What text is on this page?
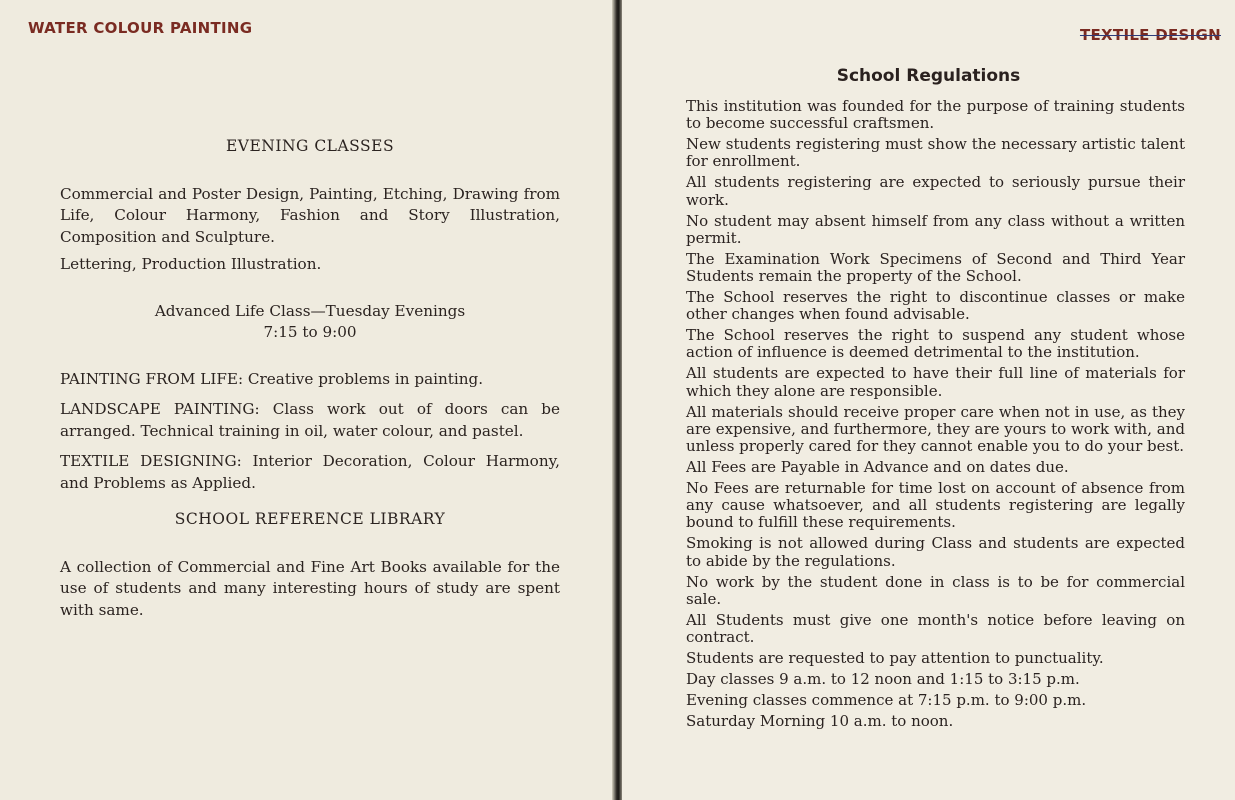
WATER COLOUR PAINTING

EVENING CLASSES

Commercial and Poster Design, Painting, Etching, Drawing from Life, Colour Harmony, Fashion and Story Illustration, Composition and Sculpture.

Lettering, Production Illustration.

Advanced Life Class—Tuesday Evenings

7:15 to 9:00

PAINTING FROM LIFE: Creative problems in painting.

LANDSCAPE PAINTING: Class work out of doors can be arranged. Technical training in oil, water colour, and pastel.

TEXTILE DESIGNING: Interior Decoration, Colour Harmony, and Problems as Applied.

SCHOOL REFERENCE LIBRARY

A collection of Commercial and Fine Art Books available for the use of students and many interesting hours of study are spent with same.

TEXTILE DESIGN
School Regulations

This institution was founded for the purpose of training students to become successful craftsmen.

New students registering must show the necessary artistic talent for enrollment.

All students registering are expected to seriously pursue their work.

No student may absent himself from any class without a written permit.

The Examination Work Specimens of Second and Third Year Students remain the property of the School.

The School reserves the right to discontinue classes or make other changes when found advisable.

The School reserves the right to suspend any student whose action of influence is deemed detrimental to the institution.

All students are expected to have their full line of materials for which they alone are responsible.

All materials should receive proper care when not in use, as they are expensive, and furthermore, they are yours to work with, and unless properly cared for they cannot enable you to do your best.

All Fees are Payable in Advance and on dates due.

No Fees are returnable for time lost on account of absence from any cause whatsoever, and all students registering are legally bound to fulfill these requirements.

Smoking is not allowed during Class and students are expected to abide by the regulations.

No work by the student done in class is to be for commercial sale.

All Students must give one month's notice before leaving on contract.

Students are requested to pay attention to punctuality.

Day classes 9 a.m. to 12 noon and 1:15 to 3:15 p.m.

Evening classes commence at 7:15 p.m. to 9:00 p.m.

Saturday Morning 10 a.m. to noon.
